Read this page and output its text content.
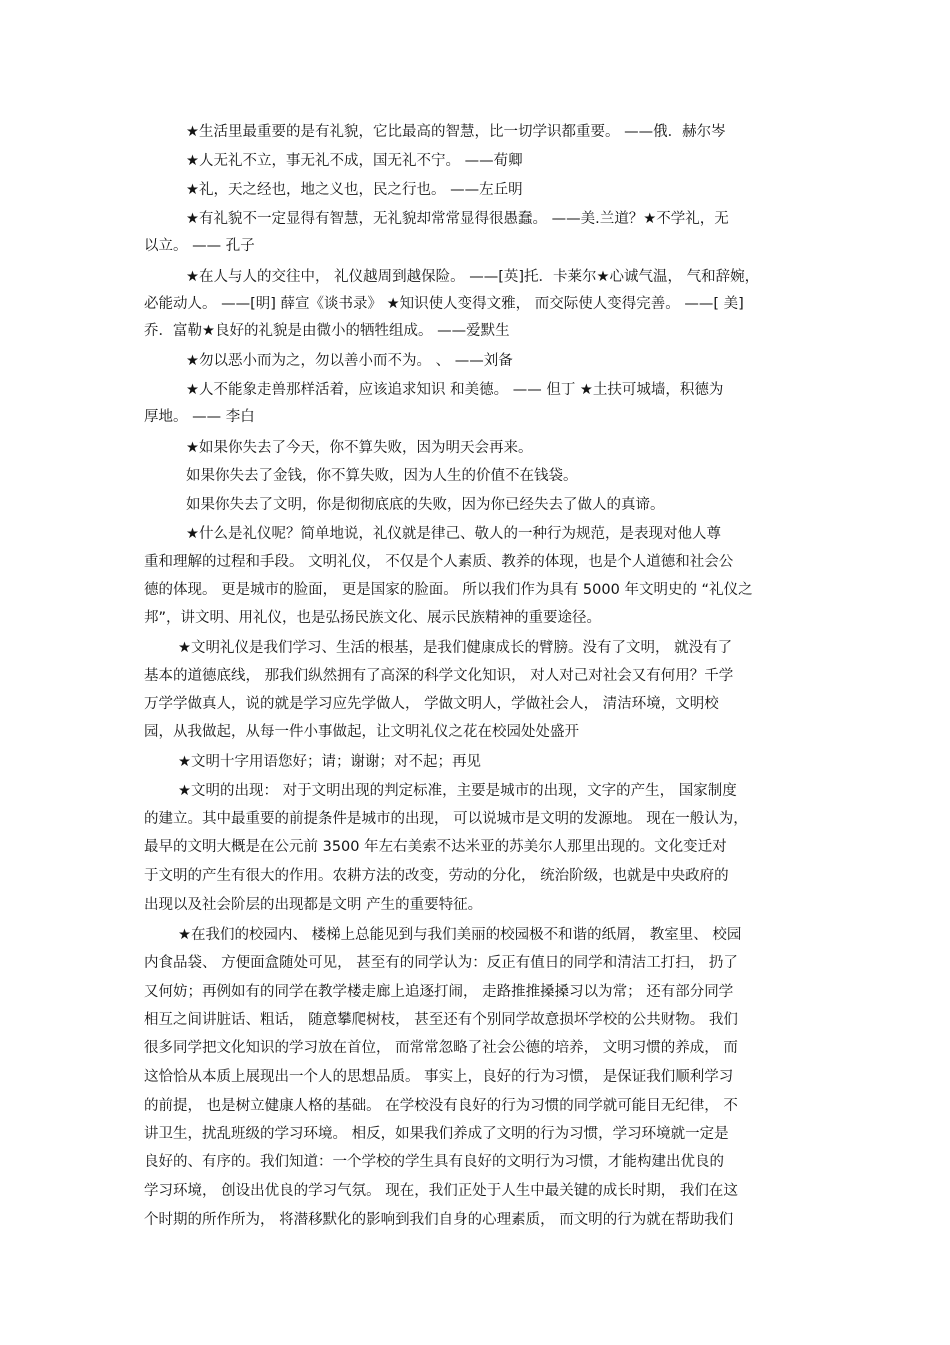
★生活里最重要的是有礼貌，它比最高的智慧，比一切学识都重要。 ——俄．赫尔岑

★人无礼不立，事无礼不成，国无礼不宁。 ——荀卿

★礼，天之经也，地之义也，民之行也。 ——左丘明

★有礼貌不一定显得有智慧，无礼貌却常常显得很愚蠢。 ——美.兰道？★不学礼，无

以立。 —— 孔子

★在人与人的交往中， 礼仪越周到越保险。 ——[英]托．卡莱尔★心诚气温， 气和辞婉，

必能动人。 ——[明] 薛宣《谈书录》 ★知识使人变得文雅， 而交际使人变得完善。 ——[ 美]

乔．富勒★良好的礼貌是由微小的牺牲组成。 ——爱默生

★勿以恶小而为之，勿以善小而不为。 、 ——刘备

★人不能象走兽那样活着，应该追求知识 和美德。 —— 但丁 ★土扶可城墙，积德为

厚地。 —— 李白

★如果你失去了今天，你不算失败，因为明天会再来。

如果你失去了金钱，你不算失败，因为人生的价值不在钱袋。

如果你失去了文明，你是彻彻底底的失败，因为你已经失去了做人的真谛。

★什么是礼仪呢？简单地说，礼仪就是律己、敬人的一种行为规范，是表现对他人尊

重和理解的过程和手段。 文明礼仪， 不仅是个人素质、教养的体现，也是个人道德和社会公

德的体现。 更是城市的脸面， 更是国家的脸面。 所以我们作为具有 5000 年文明史的 “礼仪之

邦”，讲文明、用礼仪，也是弘扬民族文化、展示民族精神的重要途径。

★文明礼仪是我们学习、生活的根基，是我们健康成长的臂膀。没有了文明， 就没有了

基本的道德底线， 那我们纵然拥有了高深的科学文化知识， 对人对己对社会又有何用？千学

万学学做真人，说的就是学习应先学做人， 学做文明人，学做社会人， 清洁环境，文明校

园，从我做起，从每一件小事做起，让文明礼仪之花在校园处处盛开

★文明十字用语您好；请；谢谢；对不起；再见

★文明的出现： 对于文明出现的判定标准，主要是城市的出现，文字的产生， 国家制度

的建立。其中最重要的前提条件是城市的出现， 可以说城市是文明的发源地。 现在一般认为，

最早的文明大概是在公元前 3500 年左右美索不达米亚的苏美尔人那里出现的。文化变迁对

于文明的产生有很大的作用。农耕方法的改变，劳动的分化， 统治阶级，也就是中央政府的

出现以及社会阶层的出现都是文明 产生的重要特征。

★在我们的校园内、 楼梯上总能见到与我们美丽的校园极不和谐的纸屑， 教室里、 校园

内食品袋、 方便面盒随处可见， 甚至有的同学认为：反正有值日的同学和清洁工打扫， 扔了

又何妨；再例如有的同学在教学楼走廊上追逐打闹， 走路推推搡搡习以为常； 还有部分同学

相互之间讲脏话、粗话， 随意攀爬树枝， 甚至还有个别同学故意损坏学校的公共财物。 我们

很多同学把文化知识的学习放在首位， 而常常忽略了社会公德的培养， 文明习惯的养成， 而

这恰恰从本质上展现出一个人的思想品质。 事实上，良好的行为习惯， 是保证我们顺利学习

的前提， 也是树立健康人格的基础。 在学校没有良好的行为习惯的同学就可能目无纪律， 不

讲卫生，扰乱班级的学习环境。 相反，如果我们养成了文明的行为习惯，学习环境就一定是

良好的、有序的。我们知道：一个学校的学生具有良好的文明行为习惯，才能构建出优良的

学习环境， 创设出优良的学习气氛。 现在，我们正处于人生中最关键的成长时期， 我们在这

个时期的所作所为， 将潜移默化的影响到我们自身的心理素质， 而文明的行为就在帮助我们
